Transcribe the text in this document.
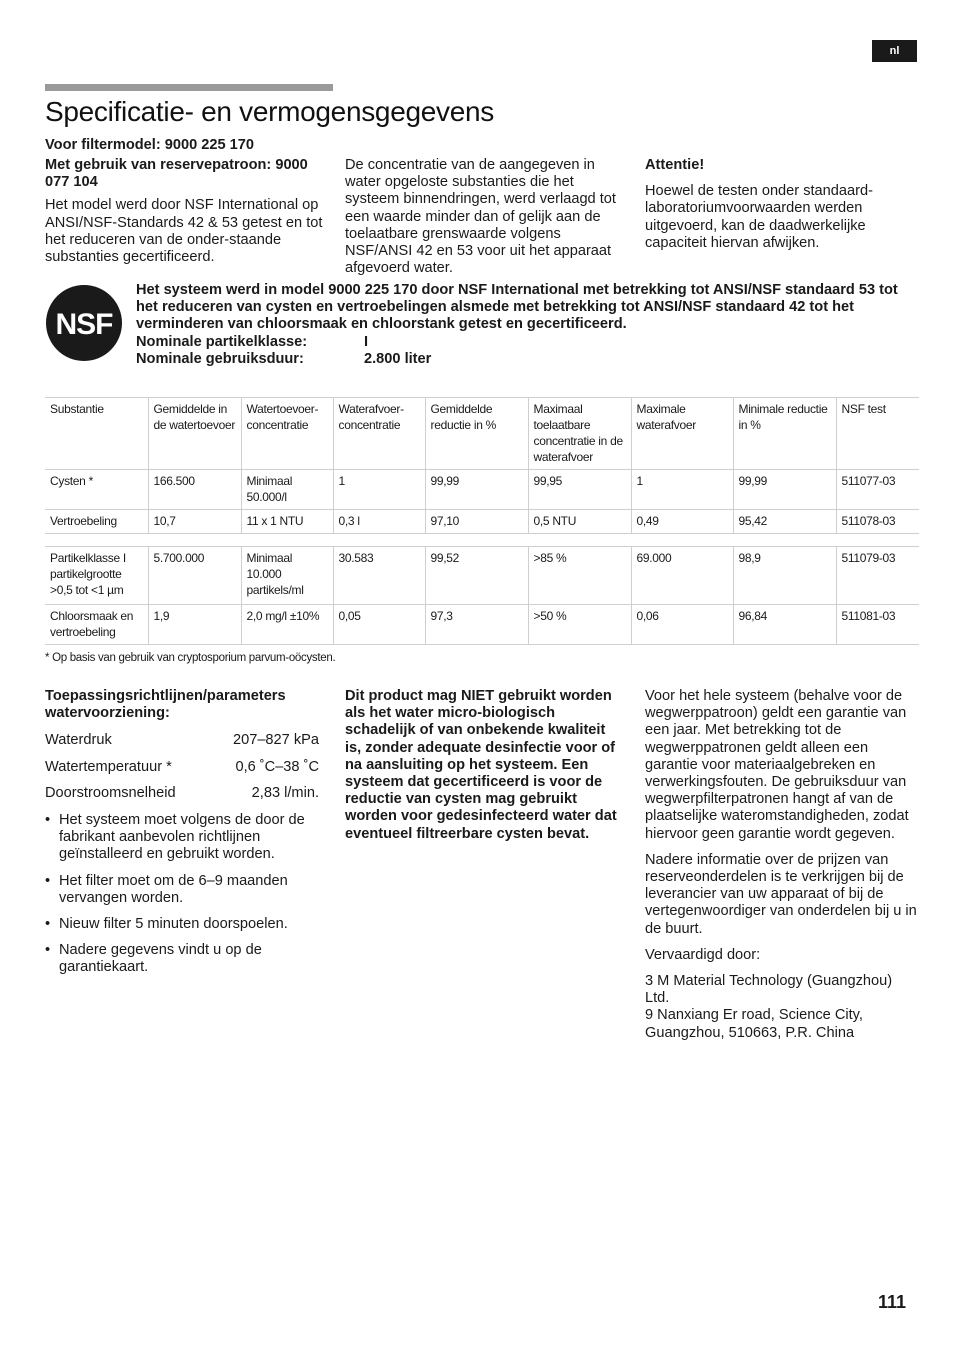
nl
Specificatie- en vermogensgegevens
Voor filtermodel: 9000 225 170

Met gebruik van reservepatroon: 9000 077 104

Het model werd door NSF International op ANSI/NSF-Standards 42 & 53 getest en tot het reduceren van de onder-staande substanties gecertificeerd.

De concentratie van de aangegeven in water opgeloste substanties die het systeem binnendringen, werd verlaagd tot een waarde minder dan of gelijk aan de toelaatbare grenswaarde volgens NSF/ANSI 42 en 53 voor uit het apparaat afgevoerd water.

Attentie!

Hoewel de testen onder standaard-laboratoriumvoorwaarden werden uitgevoerd, kan de daadwerkelijke capaciteit hiervan afwijken.

NSF

Het systeem werd in model 9000 225 170 door NSF International met betrekking tot ANSI/NSF standaard 53 tot het reduceren van cysten en vertroebelingen alsmede met betrekking tot ANSI/NSF standaard 42 tot het verminderen van chloorsmaak en chloorstank getest en gecertificeerd.

Nominale partikelklasse:	I
Nominale gebruiksduur:	2.800 liter
Substantie	Gemiddelde in de watertoevoer	Watertoevoer-concentratie	Waterafvoer-concentratie	Gemiddelde reductie in %	Maximaal toelaatbare concentratie in de waterafvoer	Maximale waterafvoer	Minimale reductie in %	NSF test
Cysten *	166.500	Minimaal 50.000/l	1	99,99	99,95	1	99,99	511077-03
Vertroebeling	10,7	11 x 1 NTU	0,3 l	97,10	0,5 NTU	0,49	95,42	511078-03

Partikelklasse I partikelgrootte >0,5 tot <1 µm	5.700.000	Minimaal 10.000 partikels/ml	30.583	99,52	>85 %	69.000	98,9	511079-03
Chloorsmaak en vertroebeling	1,9	2,0 mg/l ±10%	0,05	97,3	>50 %	0,06	96,84	511081-03
* Op basis van gebruik van cryptosporium parvum-oöcysten.

Toepassingsrichtlijnen/parameters watervoorziening:

Waterdruk	207–827 kPa
Watertemperatuur *	0,6 ˚C–38 ˚C
Doorstroomsnelheid	2,83 l/min.
• Het systeem moet volgens de door de fabrikant aanbevolen richtlijnen geïnstalleerd en gebruikt worden.
• Het filter moet om de 6–9 maanden vervangen worden.
• Nieuw filter 5 minuten doorspoelen.
• Nadere gegevens vindt u op de garantiekaart.

Dit product mag NIET gebruikt worden als het water micro-biologisch schadelijk of van onbekende kwaliteit is, zonder adequate desinfectie voor of na aansluiting op het systeem. Een systeem dat gecertificeerd is voor de reductie van cysten mag gebruikt worden voor gedesinfecteerd water dat eventueel filtreerbare cysten bevat.

Voor het hele systeem (behalve voor de wegwerppatroon) geldt een garantie van een jaar. Met betrekking tot de wegwerppatronen geldt alleen een garantie voor materiaalgebreken en verwerkingsfouten. De gebruiksduur van wegwerpfilterpatronen hangt af van de plaatselijke wateromstandigheden, zodat hiervoor geen garantie wordt gegeven.

Nadere informatie over de prijzen van reserveonderdelen is te verkrijgen bij de leverancier van uw apparaat of bij de vertegenwoordiger van onderdelen bij u in de buurt.

Vervaardigd door:

3 M Material Technology (Guangzhou) Ltd.

9 Nanxiang Er road, Science City, Guangzhou, 510663, P.R. China

111
